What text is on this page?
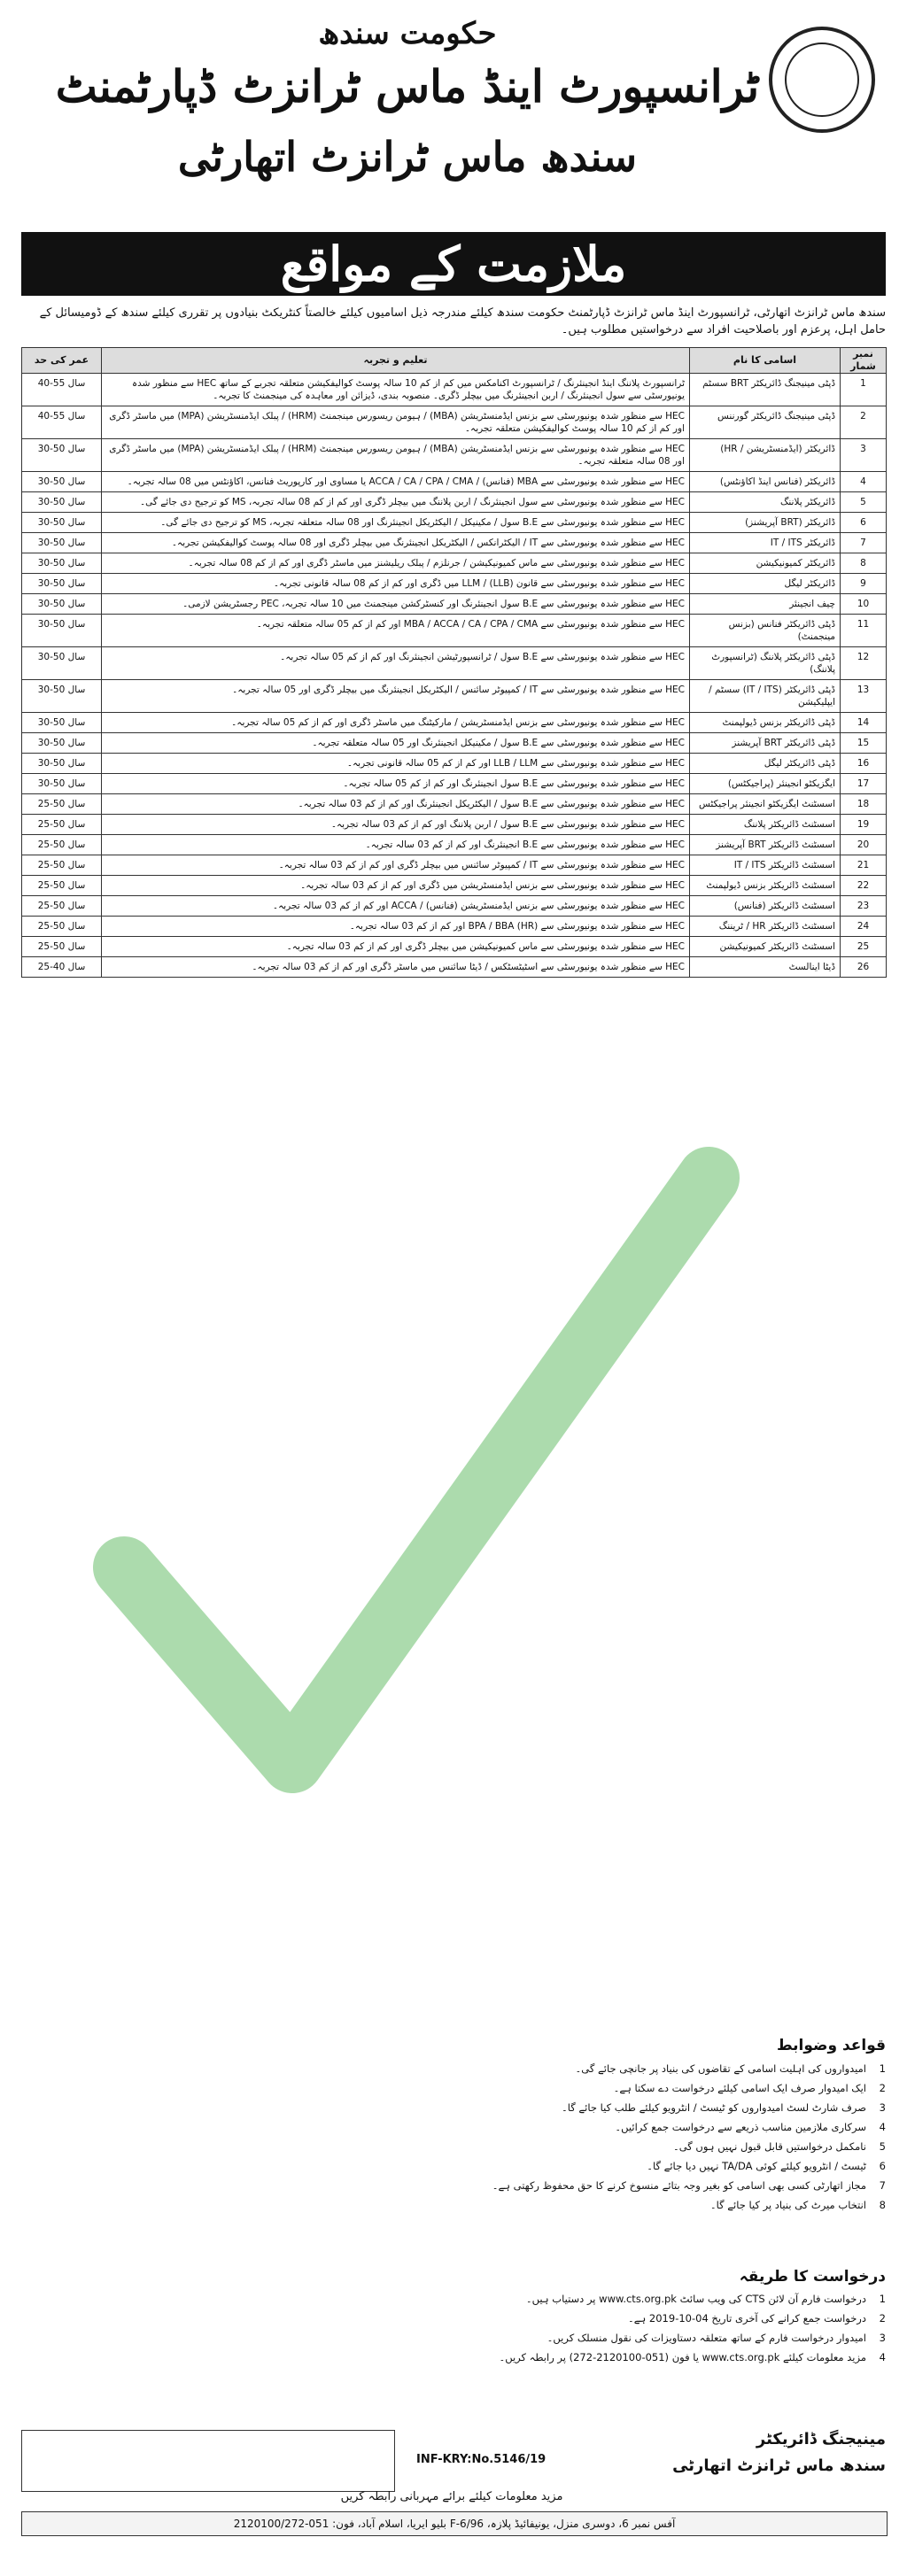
حکومت سندھ
ٹرانسپورٹ اینڈ ماس ٹرانزٹ ڈپارٹمنٹ
سندھ ماس ٹرانزٹ اتھارٹی
ملازمت کے مواقع
سندھ ماس ٹرانزٹ اتھارٹی، ٹرانسپورٹ اینڈ ماس ٹرانزٹ ڈپارٹمنٹ حکومت سندھ کیلئے مندرجہ ذیل اسامیوں کیلئے خالصتاً کنٹریکٹ بنیادوں پر تقرری کیلئے سندھ کے ڈومیسائل کے حامل اہل، پرعزم اور باصلاحیت افراد سے درخواستیں مطلوب ہیں۔
نمبر شمار	اسامی کا نام	تعلیم و تجربہ	عمر کی حد
1	ڈپٹی مینیجنگ ڈائریکٹر BRT سسٹم	ٹرانسپورٹ پلاننگ اینڈ انجینئرنگ / ٹرانسپورٹ اکنامکس میں کم از کم 10 سالہ پوسٹ کوالیفکیشن متعلقہ تجربے کے ساتھ HEC سے منظور شدہ یونیورسٹی سے سول انجینئرنگ / اربن انجینئرنگ میں بیچلر ڈگری۔ منصوبہ بندی، ڈیزائن اور معاہدہ کی مینجمنٹ کا تجربہ۔	40-55 سال
2	ڈپٹی مینیجنگ ڈائریکٹر گورننس	HEC سے منظور شدہ یونیورسٹی سے بزنس ایڈمنسٹریشن (MBA) / ہیومن ریسورس مینجمنٹ (HRM) / پبلک ایڈمنسٹریشن (MPA) میں ماسٹر ڈگری اور کم از کم 10 سالہ پوسٹ کوالیفکیشن متعلقہ تجربہ۔	40-55 سال
3	ڈائریکٹر (ایڈمنسٹریشن / HR)	HEC سے منظور شدہ یونیورسٹی سے بزنس ایڈمنسٹریشن (MBA) / ہیومن ریسورس مینجمنٹ (HRM) / پبلک ایڈمنسٹریشن (MPA) میں ماسٹر ڈگری اور 08 سالہ متعلقہ تجربہ۔	30-50 سال
4	ڈائریکٹر (فنانس اینڈ اکاؤنٹس)	HEC سے منظور شدہ یونیورسٹی سے MBA (فنانس) / ACCA / CA / CPA / CMA یا مساوی اور کارپوریٹ فنانس، اکاؤنٹس میں 08 سالہ تجربہ۔	30-50 سال
5	ڈائریکٹر پلاننگ	HEC سے منظور شدہ یونیورسٹی سے سول انجینئرنگ / اربن پلاننگ میں بیچلر ڈگری اور کم از کم 08 سالہ تجربہ، MS کو ترجیح دی جائے گی۔	30-50 سال
6	ڈائریکٹر (BRT آپریشنز)	HEC سے منظور شدہ یونیورسٹی سے B.E سول / مکینیکل / الیکٹریکل انجینئرنگ اور 08 سالہ متعلقہ تجربہ، MS کو ترجیح دی جائے گی۔	30-50 سال
7	ڈائریکٹر IT / ITS	HEC سے منظور شدہ یونیورسٹی سے IT / الیکٹرانکس / الیکٹریکل انجینئرنگ میں بیچلر ڈگری اور 08 سالہ پوسٹ کوالیفکیشن تجربہ۔	30-50 سال
8	ڈائریکٹر کمیونیکیشن	HEC سے منظور شدہ یونیورسٹی سے ماس کمیونیکیشن / جرنلزم / پبلک ریلیشنز میں ماسٹر ڈگری اور کم از کم 08 سالہ تجربہ۔	30-50 سال
9	ڈائریکٹر لیگل	HEC سے منظور شدہ یونیورسٹی سے قانون (LLB) / LLM میں ڈگری اور کم از کم 08 سالہ قانونی تجربہ۔	30-50 سال
10	چیف انجینئر	HEC سے منظور شدہ یونیورسٹی سے B.E سول انجینئرنگ اور کنسٹرکشن مینجمنٹ میں 10 سالہ تجربہ، PEC رجسٹریشن لازمی۔	30-50 سال
11	ڈپٹی ڈائریکٹر فنانس (بزنس مینجمنٹ)	HEC سے منظور شدہ یونیورسٹی سے MBA / ACCA / CA / CPA / CMA اور کم از کم 05 سالہ متعلقہ تجربہ۔	30-50 سال
12	ڈپٹی ڈائریکٹر پلاننگ (ٹرانسپورٹ پلاننگ)	HEC سے منظور شدہ یونیورسٹی سے B.E سول / ٹرانسپورٹیشن انجینئرنگ اور کم از کم 05 سالہ تجربہ۔	30-50 سال
13	ڈپٹی ڈائریکٹر (IT / ITS) سسٹم / ایپلیکیشن	HEC سے منظور شدہ یونیورسٹی سے IT / کمپیوٹر سائنس / الیکٹریکل انجینئرنگ میں بیچلر ڈگری اور 05 سالہ تجربہ۔	30-50 سال
14	ڈپٹی ڈائریکٹر بزنس ڈیولپمنٹ	HEC سے منظور شدہ یونیورسٹی سے بزنس ایڈمنسٹریشن / مارکیٹنگ میں ماسٹر ڈگری اور کم از کم 05 سالہ تجربہ۔	30-50 سال
15	ڈپٹی ڈائریکٹر BRT آپریشنز	HEC سے منظور شدہ یونیورسٹی سے B.E سول / مکینیکل انجینئرنگ اور 05 سالہ متعلقہ تجربہ۔	30-50 سال
16	ڈپٹی ڈائریکٹر لیگل	HEC سے منظور شدہ یونیورسٹی سے LLB / LLM اور کم از کم 05 سالہ قانونی تجربہ۔	30-50 سال
17	ایگزیکٹو انجینئر (پراجیکٹس)	HEC سے منظور شدہ یونیورسٹی سے B.E سول انجینئرنگ اور کم از کم 05 سالہ تجربہ۔	30-50 سال
18	اسسٹنٹ ایگزیکٹو انجینئر پراجیکٹس	HEC سے منظور شدہ یونیورسٹی سے B.E سول / الیکٹریکل انجینئرنگ اور کم از کم 03 سالہ تجربہ۔	25-50 سال
19	اسسٹنٹ ڈائریکٹر پلاننگ	HEC سے منظور شدہ یونیورسٹی سے B.E سول / اربن پلاننگ اور کم از کم 03 سالہ تجربہ۔	25-50 سال
20	اسسٹنٹ ڈائریکٹر BRT آپریشنز	HEC سے منظور شدہ یونیورسٹی سے B.E انجینئرنگ اور کم از کم 03 سالہ تجربہ۔	25-50 سال
21	اسسٹنٹ ڈائریکٹر IT / ITS	HEC سے منظور شدہ یونیورسٹی سے IT / کمپیوٹر سائنس میں بیچلر ڈگری اور کم از کم 03 سالہ تجربہ۔	25-50 سال
22	اسسٹنٹ ڈائریکٹر بزنس ڈیولپمنٹ	HEC سے منظور شدہ یونیورسٹی سے بزنس ایڈمنسٹریشن میں ڈگری اور کم از کم 03 سالہ تجربہ۔	25-50 سال
23	اسسٹنٹ ڈائریکٹر (فنانس)	HEC سے منظور شدہ یونیورسٹی سے بزنس ایڈمنسٹریشن (فنانس) / ACCA اور کم از کم 03 سالہ تجربہ۔	25-50 سال
24	اسسٹنٹ ڈائریکٹر HR / ٹریننگ	HEC سے منظور شدہ یونیورسٹی سے BPA / BBA (HR) اور کم از کم 03 سالہ تجربہ۔	25-50 سال
25	اسسٹنٹ ڈائریکٹر کمیونیکیشن	HEC سے منظور شدہ یونیورسٹی سے ماس کمیونیکیشن میں بیچلر ڈگری اور کم از کم 03 سالہ تجربہ۔	25-50 سال
26	ڈیٹا اینالسٹ	HEC سے منظور شدہ یونیورسٹی سے اسٹیٹسٹکس / ڈیٹا سائنس میں ماسٹر ڈگری اور کم از کم 03 سالہ تجربہ۔	25-40 سال
قواعد وضوابط
1امیدواروں کی اہلیت اسامی کے تقاضوں کی بنیاد پر جانچی جائے گی۔
2ایک امیدوار صرف ایک اسامی کیلئے درخواست دے سکتا ہے۔
3صرف شارٹ لسٹ امیدواروں کو ٹیسٹ / انٹرویو کیلئے طلب کیا جائے گا۔
4سرکاری ملازمین مناسب ذریعے سے درخواست جمع کرائیں۔
5نامکمل درخواستیں قابل قبول نہیں ہوں گی۔
6ٹیسٹ / انٹرویو کیلئے کوئی TA/DA نہیں دیا جائے گا۔
7مجاز اتھارٹی کسی بھی اسامی کو بغیر وجہ بتائے منسوخ کرنے کا حق محفوظ رکھتی ہے۔
8انتخاب میرٹ کی بنیاد پر کیا جائے گا۔
درخواست کا طریقہ
1درخواست فارم آن لائن CTS کی ویب سائٹ www.cts.org.pk پر دستیاب ہیں۔
2درخواست جمع کرانے کی آخری تاریخ 04-10-2019 ہے۔
3امیدوار درخواست فارم کے ساتھ متعلقہ دستاویزات کی نقول منسلک کریں۔
4مزید معلومات کیلئے www.cts.org.pk یا فون (051-2120100-272) پر رابطہ کریں۔
INF-KRY:No.5146/19
مینیجنگ ڈائریکٹر
سندھ ماس ٹرانزٹ اتھارٹی
مزید معلومات کیلئے برائے مہربانی رابطہ کریں
آفس نمبر 6، دوسری منزل، یونیفائیڈ پلازہ، F-6/96 بلیو ایریا، اسلام آباد، فون: 051-2120100/272
